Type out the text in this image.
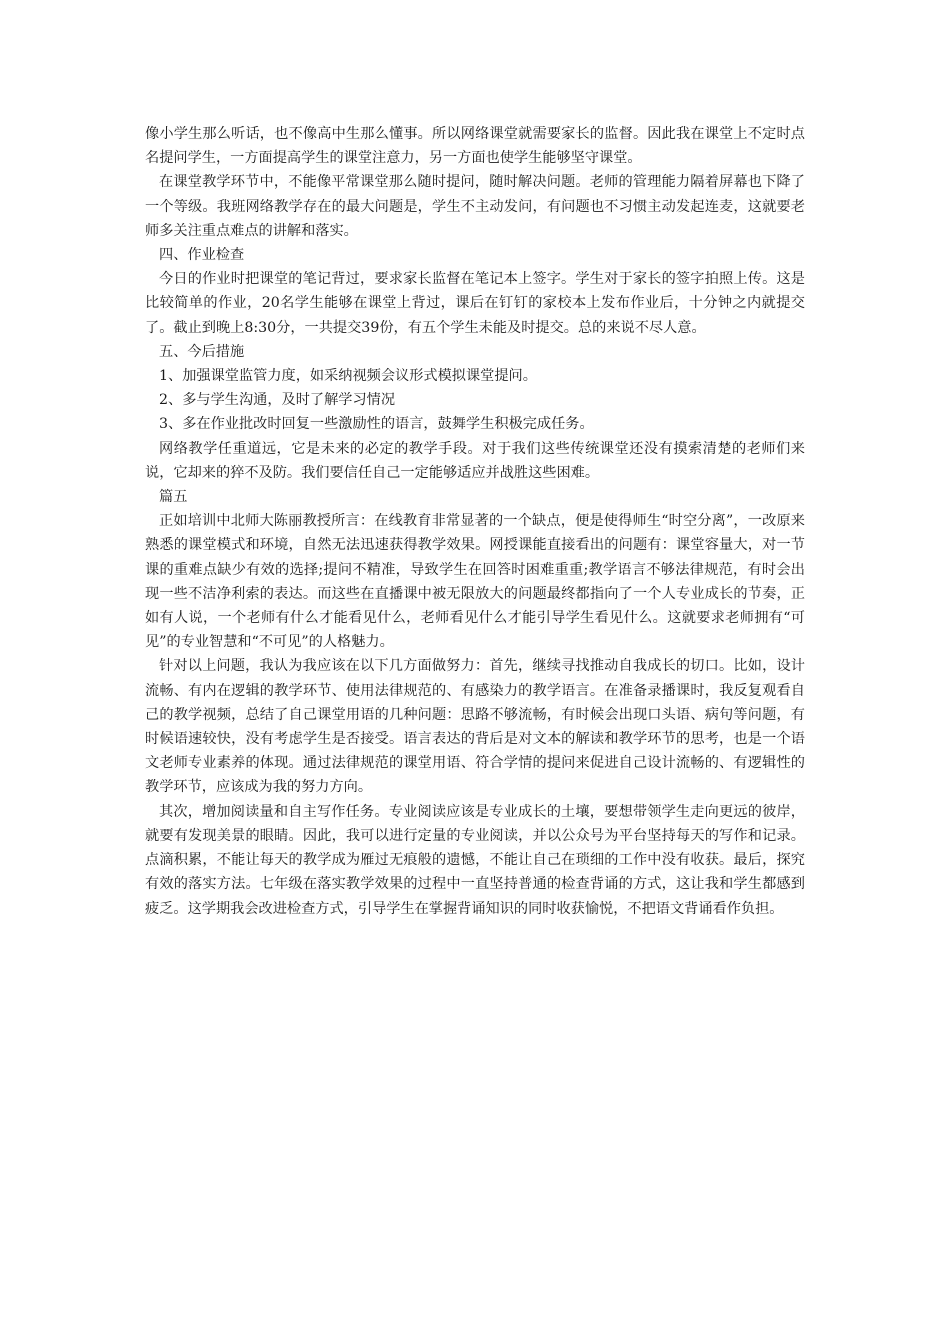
像小学生那么听话，也不像高中生那么懂事。所以网络课堂就需要家长的监督。因此我在课堂上不定时点名提问学生，一方面提高学生的课堂注意力，另一方面也使学生能够坚守课堂。

在课堂教学环节中，不能像平常课堂那么随时提问，随时解决问题。老师的管理能力隔着屏幕也下降了一个等级。我班网络教学存在的最大问题是，学生不主动发问，有问题也不习惯主动发起连麦，这就要老师多关注重点难点的讲解和落实。

四、作业检查

今日的作业时把课堂的笔记背过，要求家长监督在笔记本上签字。学生对于家长的签字拍照上传。这是比较简单的作业，20名学生能够在课堂上背过，课后在钉钉的家校本上发布作业后，十分钟之内就提交了。截止到晚上8:30分，一共提交39份，有五个学生未能及时提交。总的来说不尽人意。

五、今后措施

1、加强课堂监管力度，如采纳视频会议形式模拟课堂提问。

2、多与学生沟通，及时了解学习情况

3、多在作业批改时回复一些激励性的语言，鼓舞学生积极完成任务。

网络教学任重道远，它是未来的必定的教学手段。对于我们这些传统课堂还没有摸索清楚的老师们来说，它却来的猝不及防。我们要信任自己一定能够适应并战胜这些困难。

篇五

正如培训中北师大陈丽教授所言：在线教育非常显著的一个缺点，便是使得师生“时空分离”，一改原来熟悉的课堂模式和环境，自然无法迅速获得教学效果。网授课能直接看出的问题有：课堂容量大，对一节课的重难点缺少有效的选择;提问不精准，导致学生在回答时困难重重;教学语言不够法律规范，有时会出现一些不洁净利索的表达。而这些在直播课中被无限放大的问题最终都指向了一个人专业成长的节奏，正如有人说，一个老师有什么才能看见什么，老师看见什么才能引导学生看见什么。这就要求老师拥有“可见”的专业智慧和“不可见”的人格魅力。

针对以上问题，我认为我应该在以下几方面做努力：首先，继续寻找推动自我成长的切口。比如，设计流畅、有内在逻辑的教学环节、使用法律规范的、有感染力的教学语言。在准备录播课时，我反复观看自己的教学视频，总结了自己课堂用语的几种问题：思路不够流畅，有时候会出现口头语、病句等问题，有时候语速较快，没有考虑学生是否接受。语言表达的背后是对文本的解读和教学环节的思考，也是一个语文老师专业素养的体现。通过法律规范的课堂用语、符合学情的提问来促进自己设计流畅的、有逻辑性的教学环节，应该成为我的努力方向。

其次，增加阅读量和自主写作任务。专业阅读应该是专业成长的土壤，要想带领学生走向更远的彼岸，就要有发现美景的眼睛。因此，我可以进行定量的专业阅读，并以公众号为平台坚持每天的写作和记录。点滴积累，不能让每天的教学成为雁过无痕般的遗憾，不能让自己在琐细的工作中没有收获。最后，探究有效的落实方法。七年级在落实教学效果的过程中一直坚持普通的检查背诵的方式，这让我和学生都感到疲乏。这学期我会改进检查方式，引导学生在掌握背诵知识的同时收获愉悦，不把语文背诵看作负担。
